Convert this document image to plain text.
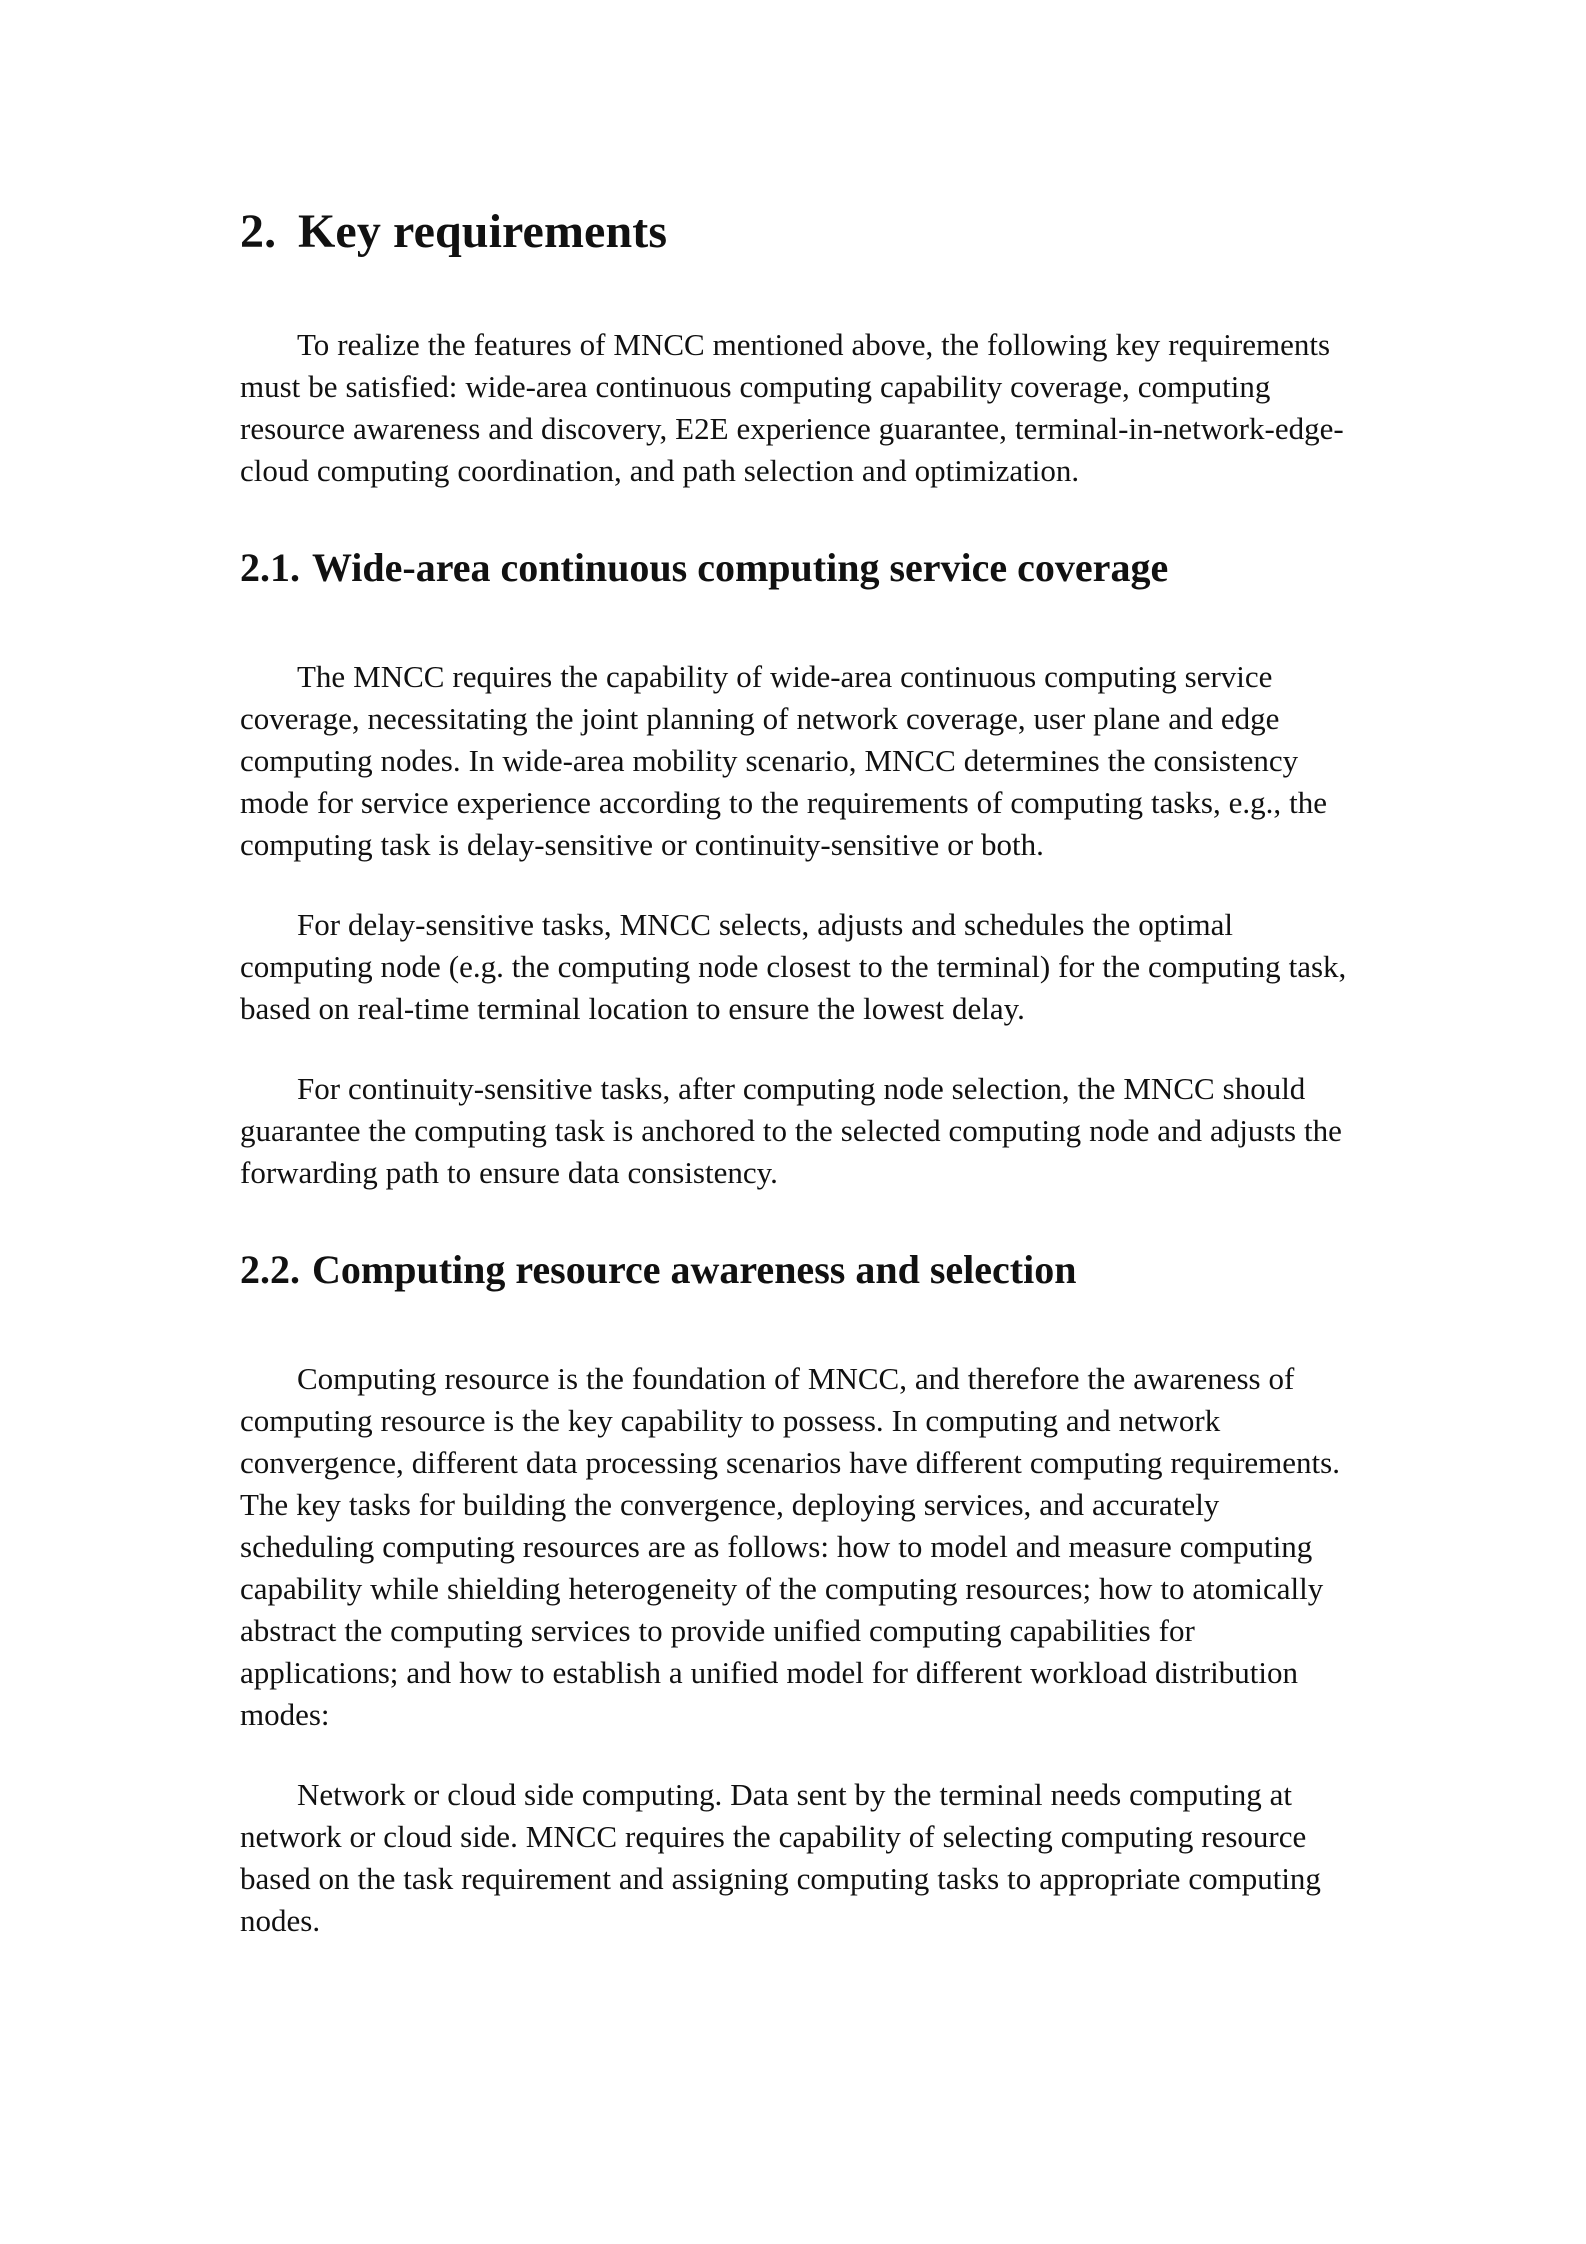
2. Key requirements

To realize the features of MNCC mentioned above, the following key requirements must be satisfied: wide-area continuous computing capability coverage, computing resource awareness and discovery, E2E experience guarantee, terminal-in-network-edge-cloud computing coordination, and path selection and optimization.

2.1. Wide-area continuous computing service coverage

The MNCC requires the capability of wide-area continuous computing service coverage, necessitating the joint planning of network coverage, user plane and edge computing nodes. In wide-area mobility scenario, MNCC determines the consistency mode for service experience according to the requirements of computing tasks, e.g., the computing task is delay-sensitive or continuity-sensitive or both.

For delay-sensitive tasks, MNCC selects, adjusts and schedules the optimal computing node (e.g. the computing node closest to the terminal) for the computing task, based on real-time terminal location to ensure the lowest delay.

For continuity-sensitive tasks, after computing node selection, the MNCC should guarantee the computing task is anchored to the selected computing node and adjusts the forwarding path to ensure data consistency.

2.2. Computing resource awareness and selection

Computing resource is the foundation of MNCC, and therefore the awareness of computing resource is the key capability to possess. In computing and network convergence, different data processing scenarios have different computing requirements. The key tasks for building the convergence, deploying services, and accurately scheduling computing resources are as follows: how to model and measure computing capability while shielding heterogeneity of the computing resources; how to atomically abstract the computing services to provide unified computing capabilities for applications; and how to establish a unified model for different workload distribution modes:

Network or cloud side computing. Data sent by the terminal needs computing at network or cloud side. MNCC requires the capability of selecting computing resource based on the task requirement and assigning computing tasks to appropriate computing nodes.
